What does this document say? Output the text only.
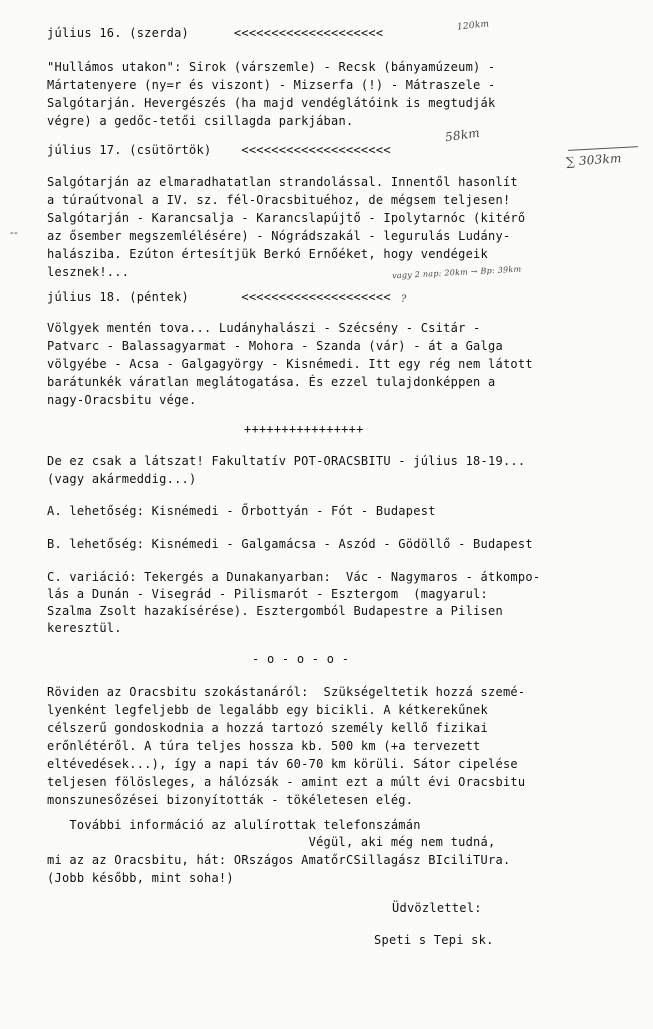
július 16. (szerda)      <<<<<<<<<<<<<<<<<<<<	120km
"Hullámos utakon": Sirok (várszemle) - Recsk (bányamúzeum) -
Mártatenyere (ny=r és viszont) - Mizserfa (!) - Mátraszele -
Salgótarján. Hevergészés (ha majd vendéglátóink is megtudják
végre) a gedőc-tetői csillagda parkjában.
július 17. (csütörtök)    <<<<<<<<<<<<<<<<<<<<
58km
∑ 303km
Salgótarján az elmaradhatatlan strandolással. Innentől hasonlít
a túraútvonal a IV. sz. fél-Oracsbituéhoz, de mégsem teljesen!
Salgótarján - Karancsalja - Karancslapújtő - Ipolytarnóc (kitérő
az ősember megszemlélésére) - Nógrádszakál - legurulás Ludány-
--
halásziba. Ezúton értesítjük Berkó Ernőéket, hogy vendégeik
lesznek!...	vagy 2 nap: 20km → Bp: 39km
július 18. (péntek)       <<<<<<<<<<<<<<<<<<<< ?
Völgyek mentén tova... Ludányhalászi - Szécsény - Csitár -
Patvarc - Balassagyarmat - Mohora - Szanda (vár) - át a Galga
völgyébe - Acsa - Galgagyörgy - Kisnémedi. Itt egy rég nem látott
barátunkék váratlan meglátogatása. És ezzel tulajdonképpen a
nagy-Oracsbitu vége.
++++++++++++++++
De ez csak a látszat! Fakultatív POT-ORACSBITU - július 18-19...
(vagy akármeddig...)
A. lehetőség: Kisnémedi - Őrbottyán - Fót - Budapest
B. lehetőség: Kisnémedi - Galgamácsa - Aszód - Gödöllő - Budapest
C. variáció: Tekergés a Dunakanyarban:  Vác - Nagymaros - átkompo-
lás a Dunán - Visegrád - Pilismarót - Esztergom  (magyarul:
Szalma Zsolt hazakísérése). Esztergomból Budapestre a Pilisen
keresztül.
- o - o - o -
Röviden az Oracsbitu szokástanáról:  Szükségeltetik hozzá szemé-
lyenként legfeljebb de legalább egy bicikli. A kétkerekűnek
célszerű gondoskodnia a hozzá tartozó személy kellő fizikai
erőnlétéről. A túra teljes hossza kb. 500 km (+a tervezett
eltévedések...), így a napi táv 60-70 km körüli. Sátor cipelése
teljesen fölösleges, a hálózsák - amint ezt a múlt évi Oracsbitu
monszunesőzései bizonyították - tökéletesen elég.
További információ az alulírottak telefonszámán
Végül, aki még nem tudná,
mi az az Oracsbitu, hát: ORszágos AmatőrCSillagász BIciliTUra.
(Jobb később, mint soha!)
Üdvözlettel:
Speti s Tepi sk.
